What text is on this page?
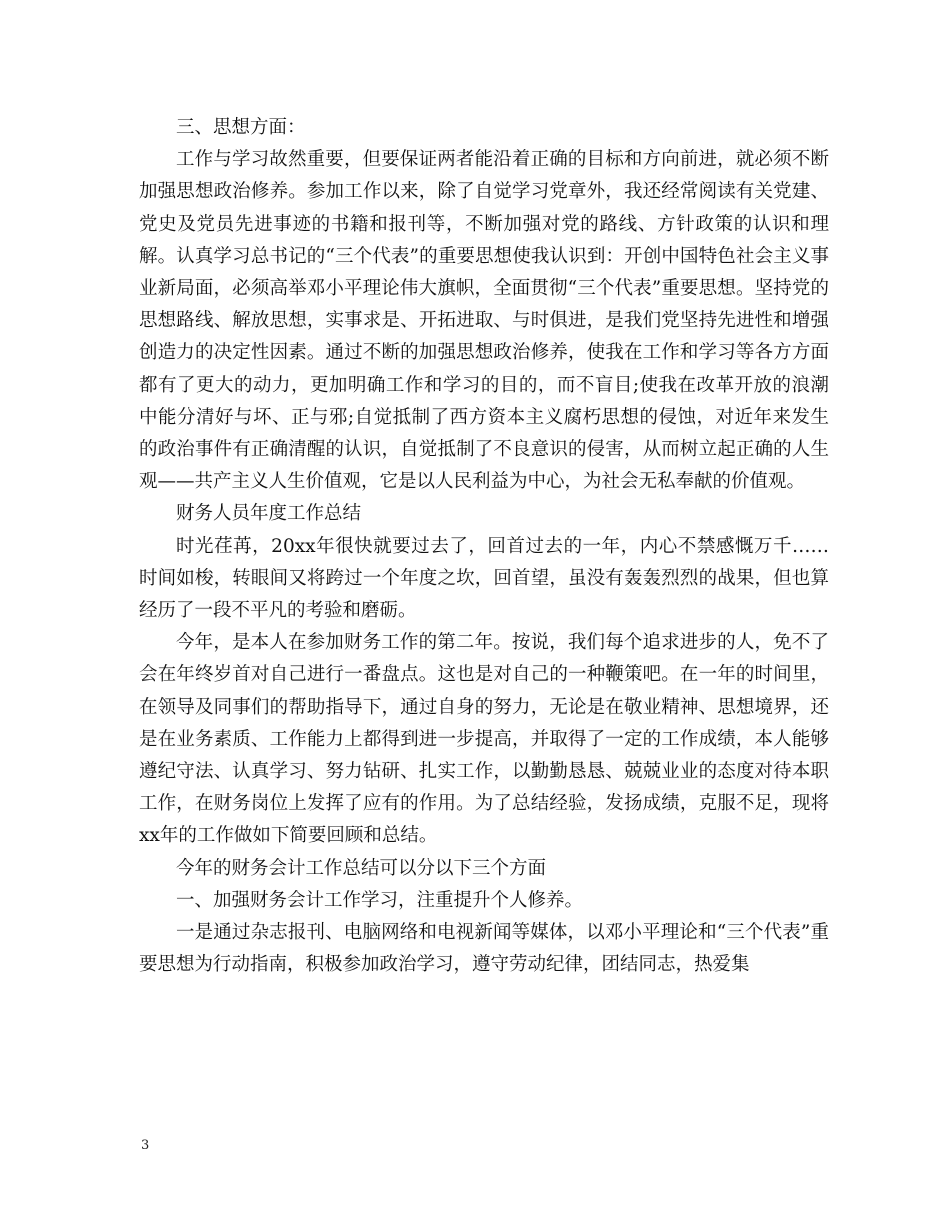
三、思想方面：

工作与学习故然重要，但要保证两者能沿着正确的目标和方向前进，就必须不断加强思想政治修养。参加工作以来，除了自觉学习党章外，我还经常阅读有关党建、党史及党员先进事迹的书籍和报刊等，不断加强对党的路线、方针政策的认识和理解。认真学习总书记的“三个代表”的重要思想使我认识到：开创中国特色社会主义事业新局面，必须高举邓小平理论伟大旗帜，全面贯彻“三个代表”重要思想。坚持党的思想路线、解放思想，实事求是、开拓进取、与时俱进，是我们党坚持先进性和增强创造力的决定性因素。通过不断的加强思想政治修养，使我在工作和学习等各方方面都有了更大的动力，更加明确工作和学习的目的，而不盲目;使我在改革开放的浪潮中能分清好与坏、正与邪;自觉抵制了西方资本主义腐朽思想的侵蚀，对近年来发生的政治事件有正确清醒的认识，自觉抵制了不良意识的侵害，从而树立起正确的人生观——共产主义人生价值观，它是以人民利益为中心，为社会无私奉献的价值观。

财务人员年度工作总结

时光荏苒，20xx年很快就要过去了，回首过去的一年，内心不禁感慨万千……时间如梭，转眼间又将跨过一个年度之坎，回首望，虽没有轰轰烈烈的战果，但也算经历了一段不平凡的考验和磨砺。

今年，是本人在参加财务工作的第二年。按说，我们每个追求进步的人，免不了会在年终岁首对自己进行一番盘点。这也是对自己的一种鞭策吧。在一年的时间里，在领导及同事们的帮助指导下，通过自身的努力，无论是在敬业精神、思想境界，还是在业务素质、工作能力上都得到进一步提高，并取得了一定的工作成绩，本人能够遵纪守法、认真学习、努力钻研、扎实工作，以勤勤恳恳、兢兢业业的态度对待本职工作，在财务岗位上发挥了应有的作用。为了总结经验，发扬成绩，克服不足，现将xx年的工作做如下简要回顾和总结。

今年的财务会计工作总结可以分以下三个方面

一、加强财务会计工作学习，注重提升个人修养。

一是通过杂志报刊、电脑网络和电视新闻等媒体，以邓小平理论和“三个代表”重要思想为行动指南，积极参加政治学习，遵守劳动纪律，团结同志，热爱集

3
